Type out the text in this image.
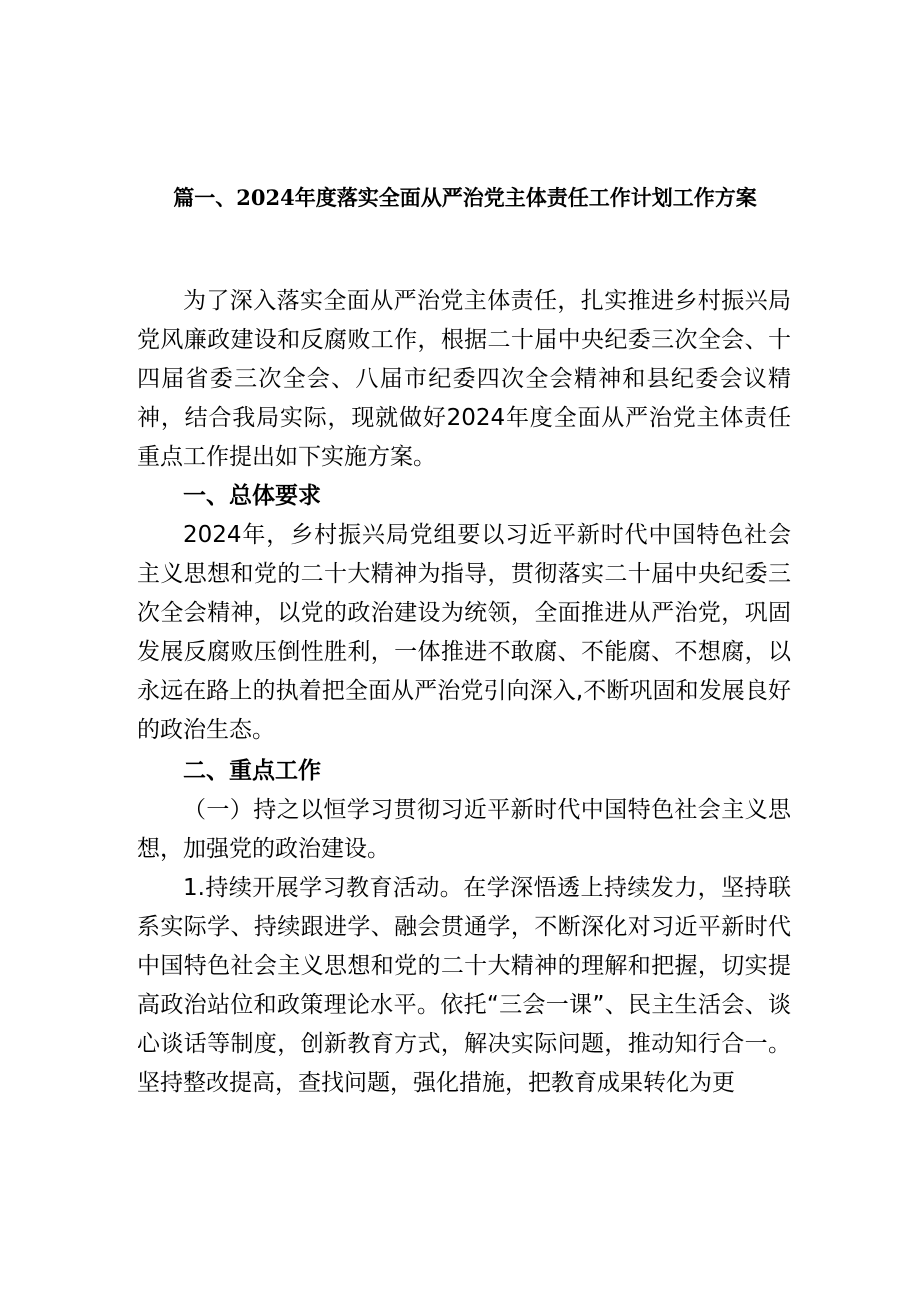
篇一、2024年度落实全面从严治党主体责任工作计划工作方案

为了深入落实全面从严治党主体责任，扎实推进乡村振兴局党风廉政建设和反腐败工作，根据二十届中央纪委三次全会、十四届省委三次全会、八届市纪委四次全会精神和县纪委会议精神，结合我局实际，现就做好2024年度全面从严治党主体责任重点工作提出如下实施方案。

一、总体要求

2024年，乡村振兴局党组要以习近平新时代中国特色社会主义思想和党的二十大精神为指导，贯彻落实二十届中央纪委三次全会精神，以党的政治建设为统领，全面推进从严治党，巩固发展反腐败压倒性胜利，一体推进不敢腐、不能腐、不想腐，以永远在路上的执着把全面从严治党引向深入,不断巩固和发展良好的政治生态。

二、重点工作

（一）持之以恒学习贯彻习近平新时代中国特色社会主义思想，加强党的政治建设。

1.持续开展学习教育活动。在学深悟透上持续发力，坚持联系实际学、持续跟进学、融会贯通学，不断深化对习近平新时代中国特色社会主义思想和党的二十大精神的理解和把握，切实提高政治站位和政策理论水平。依托“三会一课”、民主生活会、谈心谈话等制度，创新教育方式，解决实际问题，推动知行合一。坚持整改提高，查找问题，强化措施，把教育成果转化为更
